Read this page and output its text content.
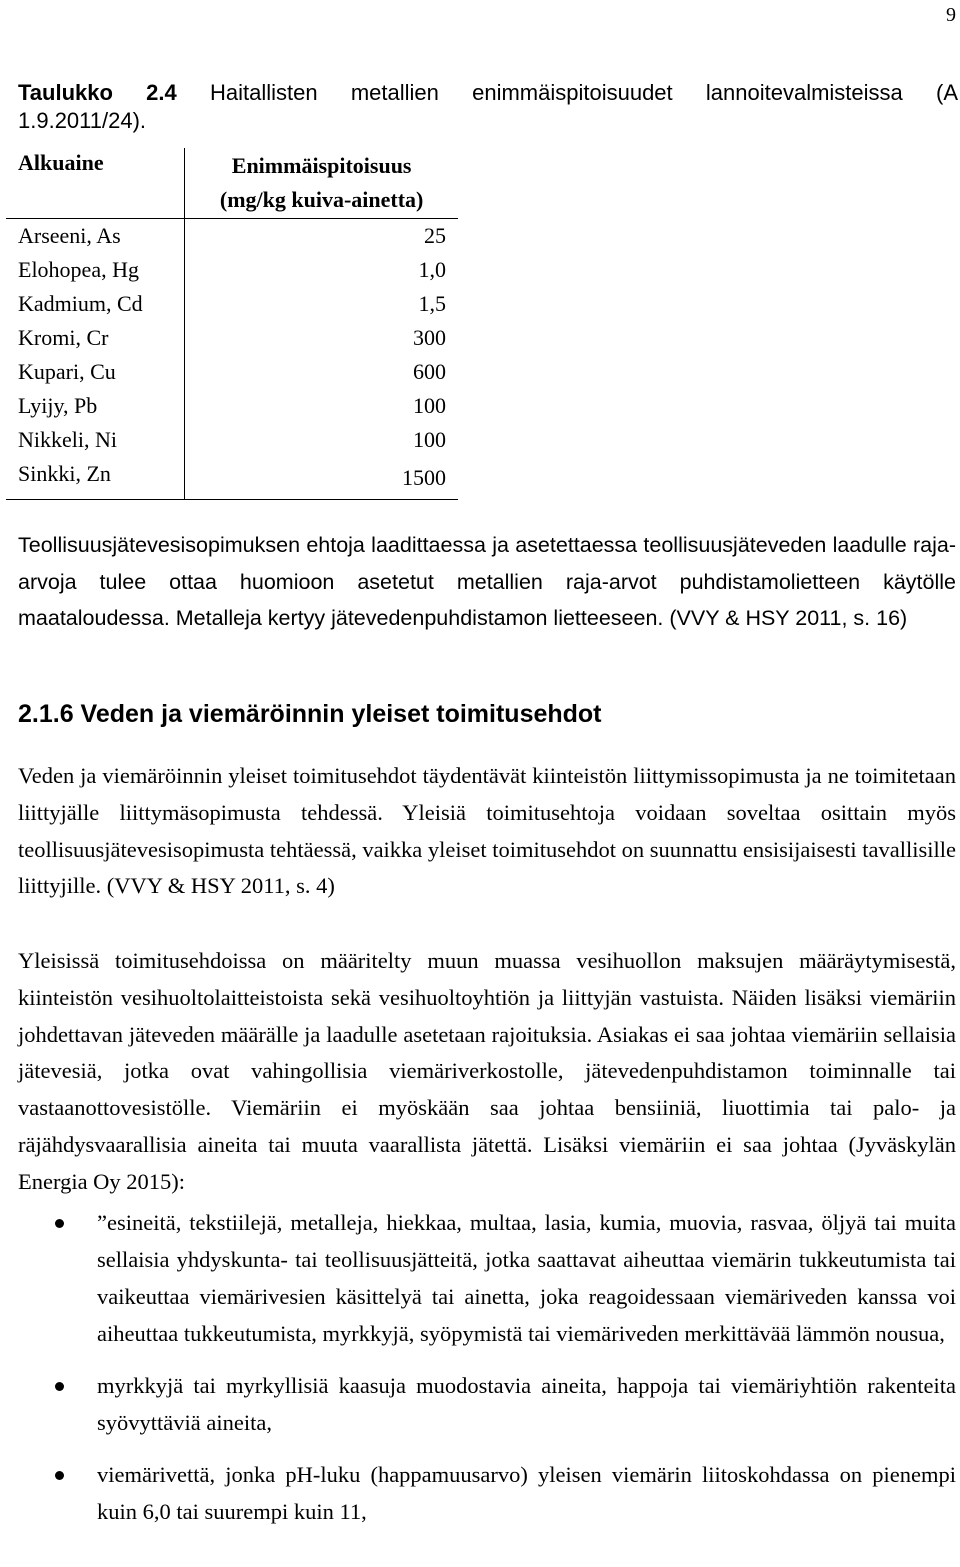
9
Taulukko 2.4 Haitallisten metallien enimmäispitoisuudet lannoitevalmisteissa (A
1.9.2011/24).
Alkuaine	Enimmäispitoisuus
(mg/kg kuiva-ainetta)

Arseeni, As	25
Elohopea, Hg	1,0
Kadmium, Cd	1,5
Kromi, Cr	300
Kupari, Cu	600
Lyijy, Pb	100
Nikkeli, Ni	100
Sinkki, Zn	1500

Teollisuusjätevesisopimuksen ehtoja laadittaessa ja asetettaessa teollisuusjäteveden laadulle raja-arvoja tulee ottaa huomioon asetetut metallien raja-arvot puhdistamolietteen käytölle maataloudessa. Metalleja kertyy jätevedenpuhdistamon lietteeseen. (VVY & HSY 2011, s. 16)

2.1.6 Veden ja viemäröinnin yleiset toimitusehdot

Veden ja viemäröinnin yleiset toimitusehdot täydentävät kiinteistön liittymissopimusta ja ne toimitetaan liittyjälle liittymäsopimusta tehdessä. Yleisiä toimitusehtoja voidaan soveltaa osittain myös teollisuusjätevesisopimusta tehtäessä, vaikka yleiset toimitusehdot on suunnattu ensisijaisesti tavallisille liittyjille. (VVY & HSY 2011, s. 4)

Yleisissä toimitusehdoissa on määritelty muun muassa vesihuollon maksujen määräytymisestä, kiinteistön vesihuoltolaitteistoista sekä vesihuoltoyhtiön ja liittyjän vastuista. Näiden lisäksi viemäriin johdettavan jäteveden määrälle ja laadulle asetetaan rajoituksia. Asiakas ei saa johtaa viemäriin sellaisia jätevesiä, jotka ovat vahingollisia viemäriverkostolle, jätevedenpuhdistamon toiminnalle tai vastaanottovesistölle. Viemäriin ei myöskään saa johtaa bensiiniä, liuottimia tai palo- ja räjähdysvaarallisia aineita tai muuta vaarallista jätettä. Lisäksi viemäriin ei saa johtaa (Jyväskylän Energia Oy 2015):

”esineitä, tekstiilejä, metalleja, hiekkaa, multaa, lasia, kumia, muovia, rasvaa, öljyä tai muita sellaisia yhdyskunta- tai teollisuusjätteitä, jotka saattavat aiheuttaa viemärin tukkeutumista tai vaikeuttaa viemärivesien käsittelyä tai ainetta, joka reagoidessaan viemäriveden kanssa voi aiheuttaa tukkeutumista, myrkkyjä, syöpymistä tai viemäriveden merkittävää lämmön nousua,
myrkkyjä tai myrkyllisiä kaasuja muodostavia aineita, happoja tai viemäriyhtiön rakenteita syövyttäviä aineita,
viemärivettä, jonka pH-luku (happamuusarvo) yleisen viemärin liitoskohdassa on pienempi kuin 6,0 tai suurempi kuin 11,
